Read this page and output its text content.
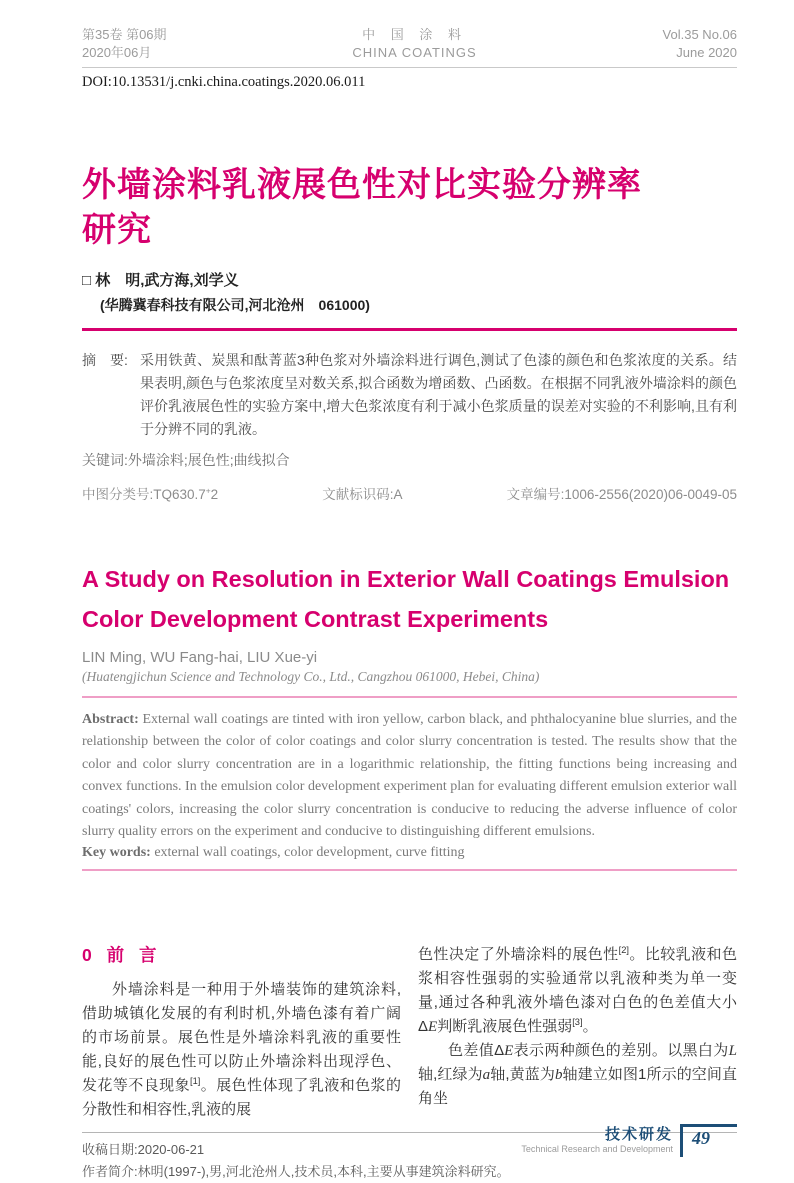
第35卷 第06期
2020年06月
中 国 涂 料
CHINA COATINGS
Vol.35 No.06
June 2020
DOI:10.13531/j.cnki.china.coatings.2020.06.011
外墙涂料乳液展色性对比实验分辨率
研究
□ 林　明,武方海,刘学义
(华腾冀春科技有限公司,河北沧州　061000)
摘　要: 采用铁黄、炭黑和酞菁蓝3种色浆对外墙涂料进行调色,测试了色漆的颜色和色浆浓度的关系。结果表明,颜色与色浆浓度呈对数关系,拟合函数为增函数、凸函数。在根据不同乳液外墙涂料的颜色评价乳液展色性的实验方案中,增大色浆浓度有利于减小色浆质量的误差对实验的不利影响,且有利于分辨不同的乳液。
关键词:外墙涂料;展色性;曲线拟合
中图分类号:TQ630.7+2	文献标识码:A	文章编号:1006-2556(2020)06-0049-05
A Study on Resolution in Exterior Wall Coatings Emulsion
Color Development Contrast Experiments
LIN Ming, WU Fang-hai, LIU Xue-yi
(Huatengjichun Science and Technology Co., Ltd., Cangzhou 061000, Hebei, China)
Abstract: External wall coatings are tinted with iron yellow, carbon black, and phthalocyanine blue slurries, and the relationship between the color of color coatings and color slurry concentration is tested. The results show that the color and color slurry concentration are in a logarithmic relationship, the fitting functions being increasing and convex functions. In the emulsion color development experiment plan for evaluating different emulsion exterior wall coatings' colors, increasing the color slurry concentration is conducive to reducing the adverse influence of color slurry quality errors on the experiment and conducive to distinguishing different emulsions.
Key words: external wall coatings, color development, curve fitting
0 前 言

外墙涂料是一种用于外墙装饰的建筑涂料,借助城镇化发展的有利时机,外墙色漆有着广阔的市场前景。展色性是外墙涂料乳液的重要性能,良好的展色性可以防止外墙涂料出现浮色、发花等不良现象[1]。展色性体现了乳液和色浆的分散性和相容性,乳液的展

色性决定了外墙涂料的展色性[2]。比较乳液和色浆相容性强弱的实验通常以乳液种类为单一变量,通过各种乳液外墙色漆对白色的色差值大小ΔE判断乳液展色性强弱[3]。

色差值ΔE表示两种颜色的差别。以黑白为L轴,红绿为a轴,黄蓝为b轴建立如图1所示的空间直角坐

收稿日期:2020-06-21
作者简介:林明(1997-),男,河北沧州人,技术员,本科,主要从事建筑涂料研究。
技术研发
Technical Research and Development
49
